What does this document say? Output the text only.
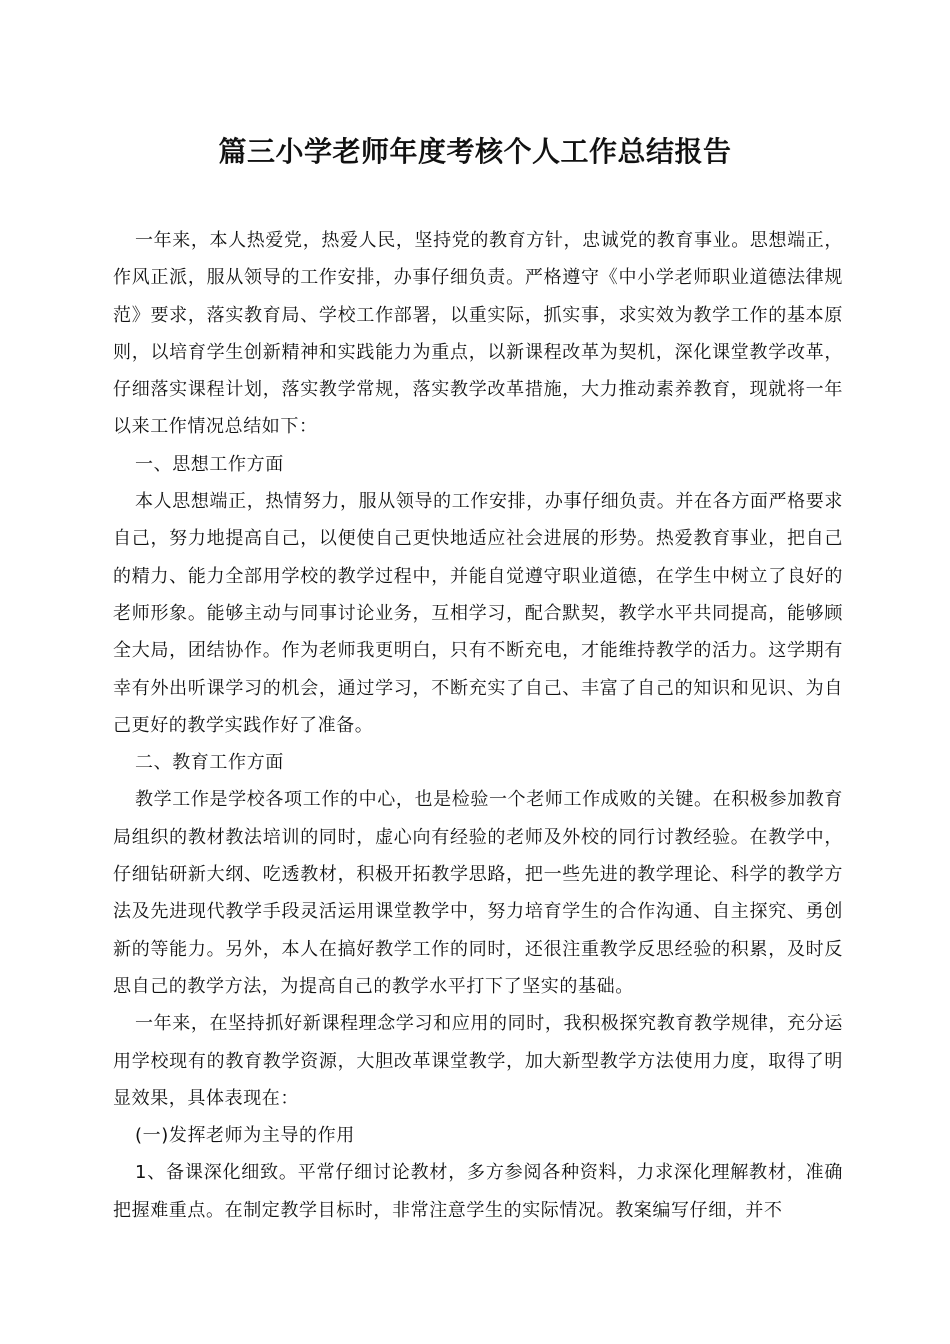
篇三小学老师年度考核个人工作总结报告

一年来，本人热爱党，热爱人民，坚持党的教育方针，忠诚党的教育事业。思想端正，作风正派，服从领导的工作安排，办事仔细负责。严格遵守《中小学老师职业道德法律规范》要求，落实教育局、学校工作部署，以重实际，抓实事，求实效为教学工作的基本原则，以培育学生创新精神和实践能力为重点，以新课程改革为契机，深化课堂教学改革，仔细落实课程计划，落实教学常规，落实教学改革措施，大力推动素养教育，现就将一年以来工作情况总结如下：

一、思想工作方面

本人思想端正，热情努力，服从领导的工作安排，办事仔细负责。并在各方面严格要求自己，努力地提高自己，以便使自己更快地适应社会进展的形势。热爱教育事业，把自己的精力、能力全部用学校的教学过程中，并能自觉遵守职业道德，在学生中树立了良好的老师形象。能够主动与同事讨论业务，互相学习，配合默契，教学水平共同提高，能够顾全大局，团结协作。作为老师我更明白，只有不断充电，才能维持教学的活力。这学期有幸有外出听课学习的机会，通过学习，不断充实了自己、丰富了自己的知识和见识、为自己更好的教学实践作好了准备。

二、教育工作方面

教学工作是学校各项工作的中心，也是检验一个老师工作成败的关键。在积极参加教育局组织的教材教法培训的同时，虚心向有经验的老师及外校的同行讨教经验。在教学中，仔细钻研新大纲、吃透教材，积极开拓教学思路，把一些先进的教学理论、科学的教学方法及先进现代教学手段灵活运用课堂教学中，努力培育学生的合作沟通、自主探究、勇创新的等能力。另外，本人在搞好教学工作的同时，还很注重教学反思经验的积累，及时反思自己的教学方法，为提高自己的教学水平打下了坚实的基础。

一年来，在坚持抓好新课程理念学习和应用的同时，我积极探究教育教学规律，充分运用学校现有的教育教学资源，大胆改革课堂教学，加大新型教学方法使用力度，取得了明显效果，具体表现在：

(一)发挥老师为主导的作用

1、备课深化细致。平常仔细讨论教材，多方参阅各种资料，力求深化理解教材，准确把握难重点。在制定教学目标时，非常注意学生的实际情况。教案编写仔细，并不
